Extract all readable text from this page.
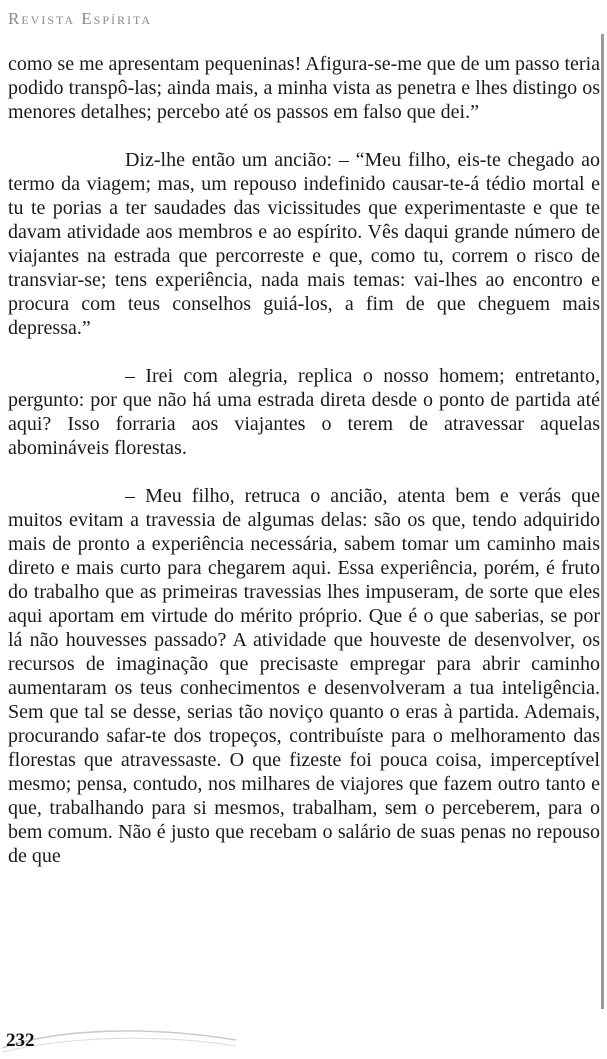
Revista Espírita

como se me apresentam pequeninas! Afigura-se-me que de um passo teria podido transpô-las; ainda mais, a minha vista as penetra e lhes distingo os menores detalhes; percebo até os passos em falso que dei.”

Diz-lhe então um ancião: – “Meu filho, eis-te chegado ao termo da viagem; mas, um repouso indefinido causar-te-á tédio mortal e tu te porias a ter saudades das vicissitudes que experimentaste e que te davam atividade aos membros e ao espírito. Vês daqui grande número de viajantes na estrada que percorreste e que, como tu, correm o risco de transviar-se; tens experiência, nada mais temas: vai-lhes ao encontro e procura com teus conselhos guiá-los, a fim de que cheguem mais depressa.”

– Irei com alegria, replica o nosso homem; entretanto, pergunto: por que não há uma estrada direta desde o ponto de partida até aqui? Isso forraria aos viajantes o terem de atravessar aquelas abomináveis florestas.

– Meu filho, retruca o ancião, atenta bem e verás que muitos evitam a travessia de algumas delas: são os que, tendo adquirido mais de pronto a experiência necessária, sabem tomar um caminho mais direto e mais curto para chegarem aqui. Essa experiência, porém, é fruto do trabalho que as primeiras travessias lhes impuseram, de sorte que eles aqui aportam em virtude do mérito próprio. Que é o que saberias, se por lá não houvesses passado? A atividade que houveste de desenvolver, os recursos de imaginação que precisaste empregar para abrir caminho aumentaram os teus conhecimentos e desenvolveram a tua inteligência. Sem que tal se desse, serias tão noviço quanto o eras à partida. Ademais, procurando safar-te dos tropeços, contribuíste para o melhoramento das florestas que atravessaste. O que fizeste foi pouca coisa, imperceptível mesmo; pensa, contudo, nos milhares de viajores que fazem outro tanto e que, trabalhando para si mesmos, trabalham, sem o perceberem, para o bem comum. Não é justo que recebam o salário de suas penas no repouso de que

232
